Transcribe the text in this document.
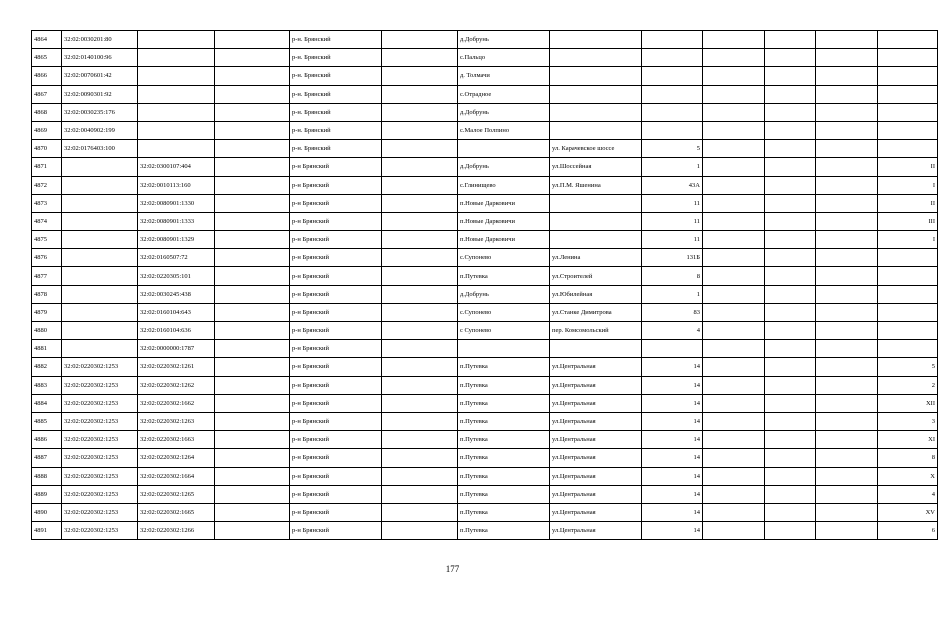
4864	32:02:0030201:80			р-н. Брянский		д.Добрунь						
4865	32:02:0140100:96			р-н. Брянский		с.Пальцо						
4866	32:02:0070601:42			р-н. Брянский		д. Толмачи						
4867	32:02:0090301:92			р-н. Брянский		с.Отрадное						
4868	32:02:0030235:176			р-н. Брянский		д.Добрунь						
4869	32:02:0040902:199			р-н. Брянский		с.Малое Полпино						
4870	32:02:0176403:100			р-н. Брянский			ул. Карачевское шоссе	5				
4871		32:02:0300107:404		р-н Брянский		д.Добрунь	ул.Шоссейная	1				II
4872		32:02:0010113:160		р-н Брянский		с.Глинищево	ул.П.М. Яшенина	43А				I
4873		32:02:0080901:1330		р-н Брянский		п.Новые Дарковичи		11				II
4874		32:02:0080901:1333		р-н Брянский		п.Новые Дарковичи		11				III
4875		32:02:0080901:1329		р-н Брянский		п.Новые Дарковичи		11				I
4876		32:02:0160507:72		р-н Брянский		с.Супонево	ул.Ленина	131Б				
4877		32:02:0220305:101		р-н Брянский		п.Путевка	ул.Строителей	8				
4878		32:02:0030245:438		р-н Брянский		д.Добрунь	ул.Юбилейная	1				
4879		32:02:0160104:643		р-н Брянский		с.Супонево	ул.Станке Димитрова	83				
4880		32:02:0160104:636		р-н Брянский		с Супонево	пер. Комсомольский	4				
4881		32:02:0000000:1787		р-н Брянский								
4882	32:02:0220302:1253	32:02:0220302:1261		р-н Брянский		п.Путевка	ул.Центральная	14				5
4883	32:02:0220302:1253	32:02:0220302:1262		р-н Брянский		п.Путевка	ул.Центральная	14				2
4884	32:02:0220302:1253	32:02:0220302:1662		р-н Брянский		п.Путевка	ул.Центральная	14				XII
4885	32:02:0220302:1253	32:02:0220302:1263		р-н Брянский		п.Путевка	ул.Центральная	14				3
4886	32:02:0220302:1253	32:02:0220302:1663		р-н Брянский		п.Путевка	ул.Центральная	14				XI
4887	32:02:0220302:1253	32:02:0220302:1264		р-н Брянский		п.Путевка	ул.Центральная	14				8
4888	32:02:0220302:1253	32:02:0220302:1664		р-н Брянский		п.Путевка	ул.Центральная	14				X
4889	32:02:0220302:1253	32:02:0220302:1265		р-н Брянский		п.Путевка	ул.Центральная	14				4
4890	32:02:0220302:1253	32:02:0220302:1665		р-н Брянский		п.Путевка	ул.Центральная	14				XV
4891	32:02:0220302:1253	32:02:0220302:1266		р-н Брянский		п.Путевка	ул.Центральная	14				6
177
